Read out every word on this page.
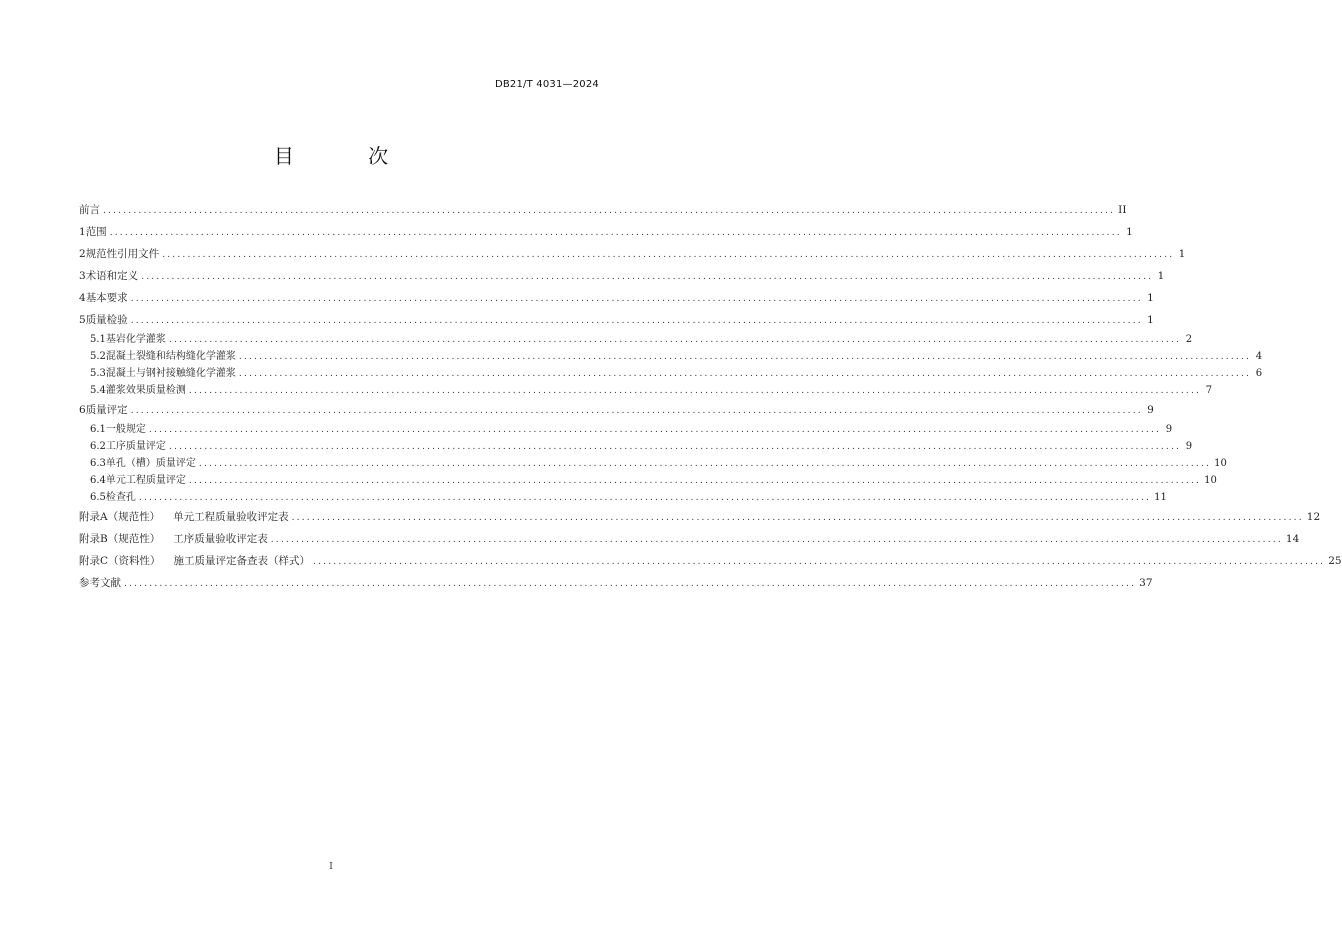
DB21/T 4031—2024
目 次
前言 ........................................................................................................................................................................................................ II
1 范围 ........................................................................................................................................................................................................ 1
2 规范性引用文件 ........................................................................................................................................................................................................ 1
3 术语和定义 ........................................................................................................................................................................................................ 1
4 基本要求 ........................................................................................................................................................................................................ 1
5 质量检验 ........................................................................................................................................................................................................ 1
5.1 基岩化学灌浆 ........................................................................................................................................................................................................ 2
5.2 混凝土裂缝和结构缝化学灌浆 ........................................................................................................................................................................................................ 4
5.3 混凝土与钢衬接触缝化学灌浆 ........................................................................................................................................................................................................ 6
5.4 灌浆效果质量检测 ........................................................................................................................................................................................................ 7
6 质量评定 ........................................................................................................................................................................................................ 9
6.1 一般规定 ........................................................................................................................................................................................................ 9
6.2 工序质量评定 ........................................................................................................................................................................................................ 9
6.3 单孔（槽）质量评定 ........................................................................................................................................................................................................ 10
6.4 单元工程质量评定 ........................................................................................................................................................................................................ 10
6.5 检查孔 ........................................................................................................................................................................................................ 11
附录A（规范性） 单元工程质量验收评定表 ........................................................................................................................................................................................................ 12
附录B（规范性） 工序质量验收评定表 ........................................................................................................................................................................................................ 14
附录C（资料性） 施工质量评定备查表（样式） ........................................................................................................................................................................................................ 25
参考文献 ........................................................................................................................................................................................................ 37
I
